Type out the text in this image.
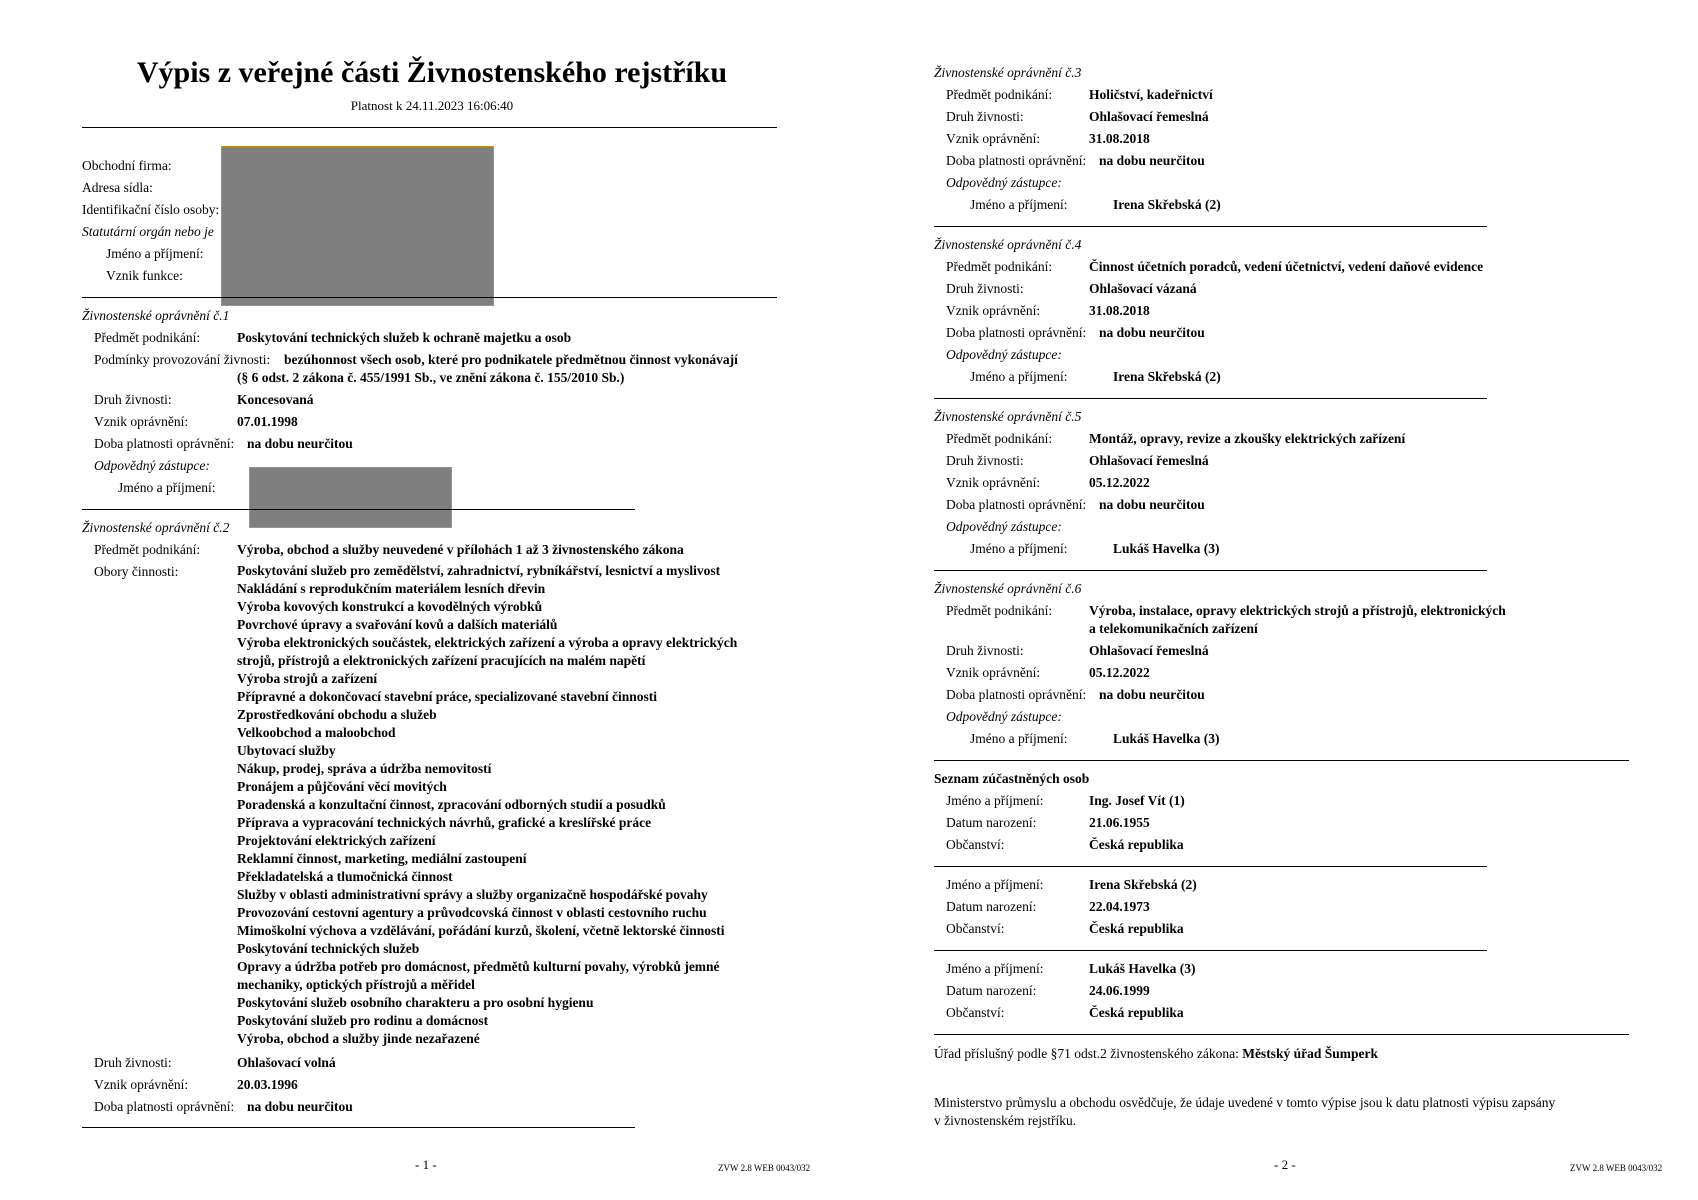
Výpis z veřejné části Živnostenského rejstříku
Platnost k 24.11.2023 16:06:40
Obchodní firma:
Adresa sídla:
Identifikační číslo osoby:
Statutární orgán nebo je
Jméno a příjmení:
Vznik funkce:
Živnostenské oprávnění č.1
Předmět podnikání:	Poskytování technických služeb k ochraně majetku a osob
Podmínky provozování živnosti: bezúhonnost všech osob, které pro podnikatele předmětnou činnost vykonávají
(§ 6 odst. 2 zákona č. 455/1991 Sb., ve znění zákona č. 155/2010 Sb.)
Druh živnosti:	Koncesovaná
Vznik oprávnění:	07.01.1998
Doba platnosti oprávnění: na dobu neurčitou
Odpovědný zástupce:
Jméno a příjmení:
Živnostenské oprávnění č.2
Předmět podnikání:	Výroba, obchod a služby neuvedené v přílohách 1 až 3 živnostenského zákona
Obory činnosti:	Poskytování služeb pro zemědělství, zahradnictví, rybníkářství, lesnictví a myslivost
Nakládání s reprodukčním materiálem lesních dřevin
Výroba kovových konstrukcí a kovodělných výrobků
Povrchové úpravy a svařování kovů a dalších materiálů
Výroba elektronických součástek, elektrických zařízení a výroba a opravy elektrických
strojů, přístrojů a elektronických zařízení pracujících na malém napětí
Výroba strojů a zařízení
Přípravné a dokončovací stavební práce, specializované stavební činnosti
Zprostředkování obchodu a služeb
Velkoobchod a maloobchod
Ubytovací služby
Nákup, prodej, správa a údržba nemovitostí
Pronájem a půjčování věcí movitých
Poradenská a konzultační činnost, zpracování odborných studií a posudků
Příprava a vypracování technických návrhů, grafické a kreslířské práce
Projektování elektrických zařízení
Reklamní činnost, marketing, mediální zastoupení
Překladatelská a tlumočnická činnost
Služby v oblasti administrativní správy a služby organizačně hospodářské povahy
Provozování cestovní agentury a průvodcovská činnost v oblasti cestovního ruchu
Mimoškolní výchova a vzdělávání, pořádání kurzů, školení, včetně lektorské činnosti
Poskytování technických služeb
Opravy a údržba potřeb pro domácnost, předmětů kulturní povahy, výrobků jemné
mechaniky, optických přístrojů a měřidel
Poskytování služeb osobního charakteru a pro osobní hygienu
Poskytování služeb pro rodinu a domácnost
Výroba, obchod a služby jinde nezařazené
Druh živnosti:	Ohlašovací volná
Vznik oprávnění:	20.03.1996
Doba platnosti oprávnění: na dobu neurčitou
- 1 -	ZVW 2.8 WEB 0043/032
Živnostenské oprávnění č.3
Předmět podnikání:	Holičství, kadeřnictví
Druh živnosti:	Ohlašovací řemeslná
Vznik oprávnění:	31.08.2018
Doba platnosti oprávnění: na dobu neurčitou
Odpovědný zástupce:
Jméno a příjmení:	Irena Skřebská (2)
Živnostenské oprávnění č.4
Předmět podnikání:	Činnost účetních poradců, vedení účetnictví, vedení daňové evidence
Druh živnosti:	Ohlašovací vázaná
Vznik oprávnění:	31.08.2018
Doba platnosti oprávnění: na dobu neurčitou
Odpovědný zástupce:
Jméno a příjmení:	Irena Skřebská (2)
Živnostenské oprávnění č.5
Předmět podnikání:	Montáž, opravy, revize a zkoušky elektrických zařízení
Druh živnosti:	Ohlašovací řemeslná
Vznik oprávnění:	05.12.2022
Doba platnosti oprávnění: na dobu neurčitou
Odpovědný zástupce:
Jméno a příjmení:	Lukáš Havelka (3)
Živnostenské oprávnění č.6
Předmět podnikání:	Výroba, instalace, opravy elektrických strojů a přístrojů, elektronických
a telekomunikačních zařízení
Druh živnosti:	Ohlašovací řemeslná
Vznik oprávnění:	05.12.2022
Doba platnosti oprávnění: na dobu neurčitou
Odpovědný zástupce:
Jméno a příjmení:	Lukáš Havelka (3)
Seznam zúčastněných osob
Jméno a příjmení:	Ing. Josef Vít (1)
Datum narození:	21.06.1955
Občanství:	Česká republika
Jméno a příjmení:	Irena Skřebská (2)
Datum narození:	22.04.1973
Občanství:	Česká republika
Jméno a příjmení:	Lukáš Havelka (3)
Datum narození:	24.06.1999
Občanství:	Česká republika
Úřad příslušný podle §71 odst.2 živnostenského zákona: Městský úřad Šumperk
Ministerstvo průmyslu a obchodu osvědčuje, že údaje uvedené v tomto výpise jsou k datu platnosti výpisu zapsány
v živnostenském rejstříku.
- 2 -	ZVW 2.8 WEB 0043/032
